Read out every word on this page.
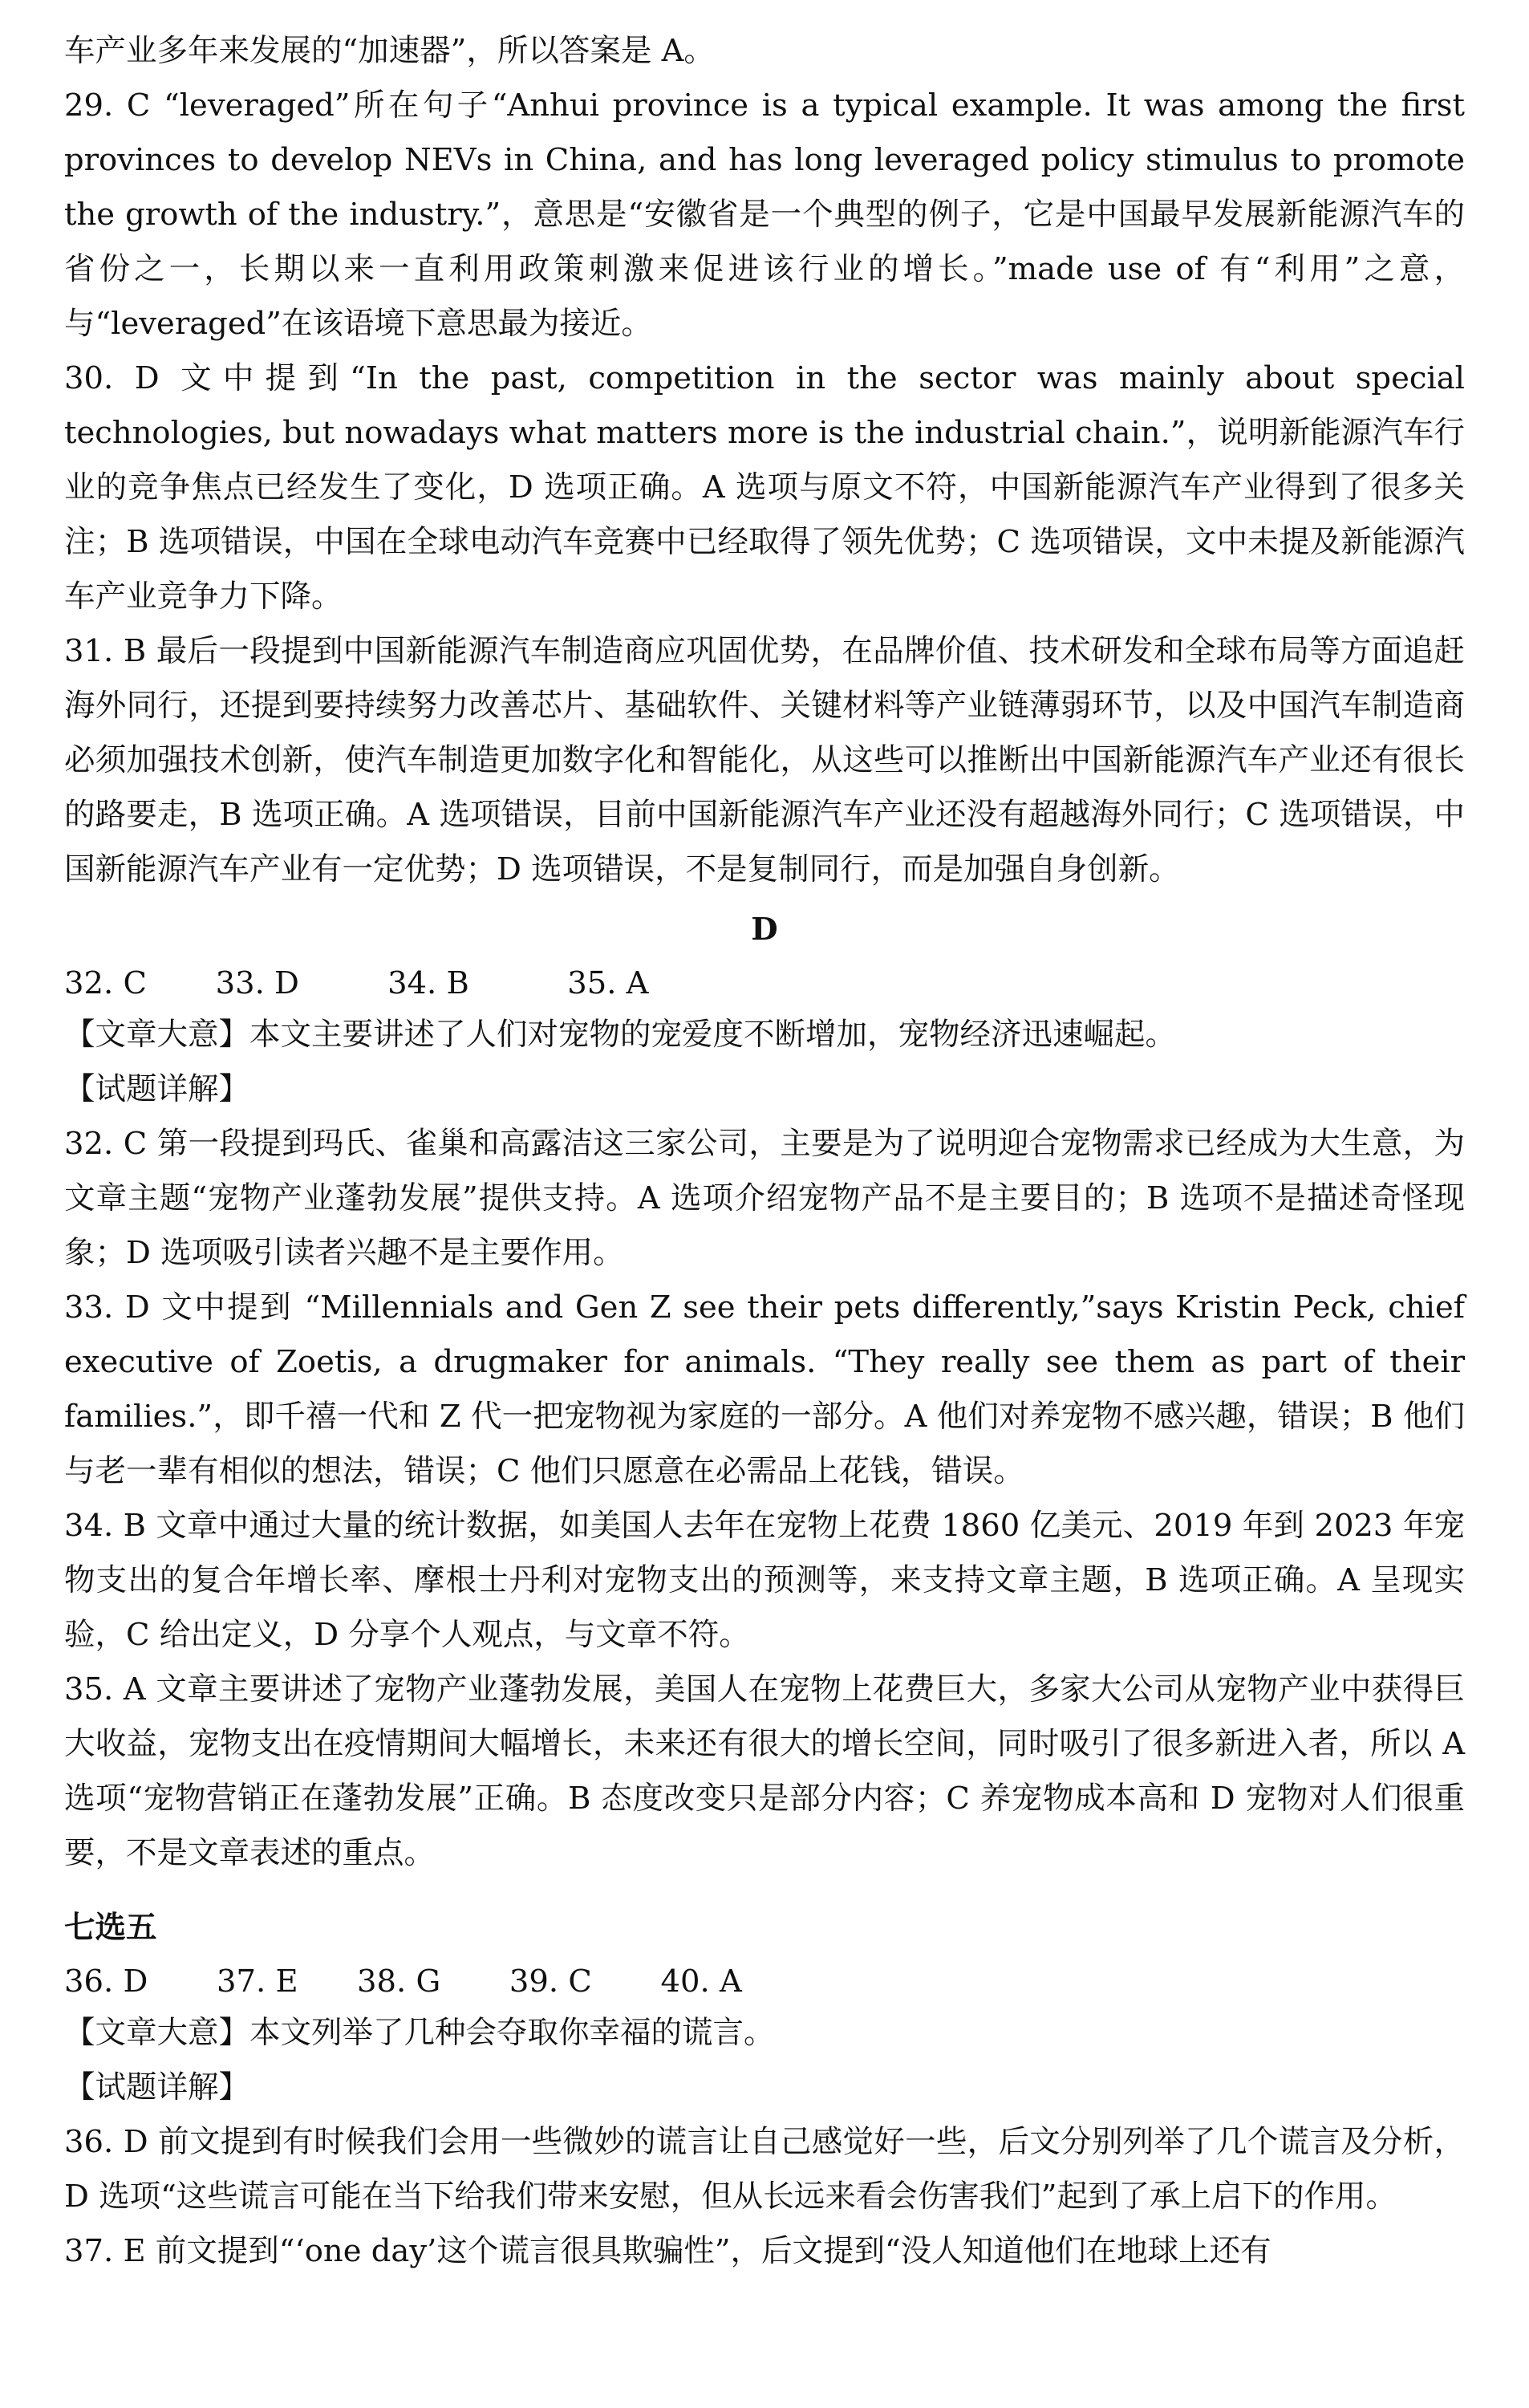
车产业多年来发展的“加速器”，所以答案是 A。

29. C “leveraged”所在句子“Anhui province is a typical example. It was among the first provinces to develop NEVs in China, and has long leveraged policy stimulus to promote the growth of the industry.”，意思是“安徽省是一个典型的例子，它是中国最早发展新能源汽车的省份之一，长期以来一直利用政策刺激来促进该行业的增长。”made use of 有“利用”之意，与“leveraged”在该语境下意思最为接近。

30. D 文中提到“In the past, competition in the sector was mainly about special technologies, but nowadays what matters more is the industrial chain.”，说明新能源汽车行业的竞争焦点已经发生了变化，D 选项正确。A 选项与原文不符，中国新能源汽车产业得到了很多关注；B 选项错误，中国在全球电动汽车竞赛中已经取得了领先优势；C 选项错误，文中未提及新能源汽车产业竞争力下降。

31. B 最后一段提到中国新能源汽车制造商应巩固优势，在品牌价值、技术研发和全球布局等方面追赶海外同行，还提到要持续努力改善芯片、基础软件、关键材料等产业链薄弱环节，以及中国汽车制造商必须加强技术创新，使汽车制造更加数字化和智能化，从这些可以推断出中国新能源汽车产业还有很长的路要走，B 选项正确。A 选项错误，目前中国新能源汽车产业还没有超越海外同行；C 选项错误，中国新能源汽车产业有一定优势；D 选项错误，不是复制同行，而是加强自身创新。

D
32. C       33. D         34. B          35. A

【文章大意】本文主要讲述了人们对宠物的宠爱度不断增加，宠物经济迅速崛起。

【试题详解】

32. C 第一段提到玛氏、雀巢和高露洁这三家公司，主要是为了说明迎合宠物需求已经成为大生意，为文章主题“宠物产业蓬勃发展”提供支持。A 选项介绍宠物产品不是主要目的；B 选项不是描述奇怪现象；D 选项吸引读者兴趣不是主要作用。

33. D 文中提到 “Millennials and Gen Z see their pets differently,”says Kristin Peck, chief executive of Zoetis, a drugmaker for animals. “They really see them as part of their families.”，即千禧一代和 Z 代一把宠物视为家庭的一部分。A 他们对养宠物不感兴趣，错误；B 他们与老一辈有相似的想法，错误；C 他们只愿意在必需品上花钱，错误。

34. B 文章中通过大量的统计数据，如美国人去年在宠物上花费 1860 亿美元、2019 年到 2023 年宠物支出的复合年增长率、摩根士丹利对宠物支出的预测等，来支持文章主题，B 选项正确。A 呈现实验，C 给出定义，D 分享个人观点，与文章不符。

35. A 文章主要讲述了宠物产业蓬勃发展，美国人在宠物上花费巨大，多家大公司从宠物产业中获得巨大收益，宠物支出在疫情期间大幅增长，未来还有很大的增长空间，同时吸引了很多新进入者，所以 A 选项“宠物营销正在蓬勃发展”正确。B 态度改变只是部分内容；C 养宠物成本高和 D 宠物对人们很重要，不是文章表述的重点。

七选五
36. D       37. E      38. G       39. C       40. A

【文章大意】本文列举了几种会夺取你幸福的谎言。

【试题详解】

36. D 前文提到有时候我们会用一些微妙的谎言让自己感觉好一些，后文分别列举了几个谎言及分析，D 选项“这些谎言可能在当下给我们带来安慰，但从长远来看会伤害我们”起到了承上启下的作用。

37. E 前文提到“‘one day’这个谎言很具欺骗性”，后文提到“没人知道他们在地球上还有
